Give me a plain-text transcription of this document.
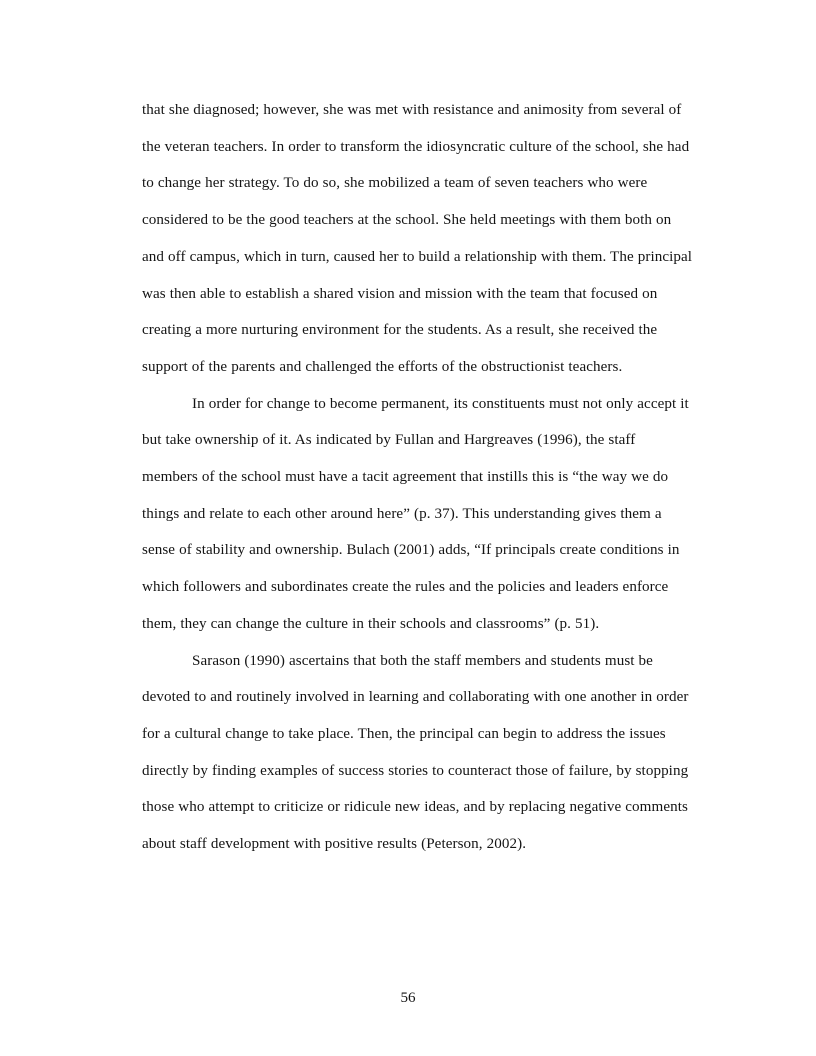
that she diagnosed; however, she was met with resistance and animosity from several of
the veteran teachers. In order to transform the idiosyncratic culture of the school, she had
to change her strategy. To do so, she mobilized a team of seven teachers who were
considered to be the good teachers at the school. She held meetings with them both on
and off campus, which in turn, caused her to build a relationship with them. The principal
was then able to establish a shared vision and mission with the team that focused on
creating a more nurturing environment for the students. As a result, she received the
support of the parents and challenged the efforts of the obstructionist teachers.

In order for change to become permanent, its constituents must not only accept it
but take ownership of it. As indicated by Fullan and Hargreaves (1996), the staff
members of the school must have a tacit agreement that instills this is “the way we do
things and relate to each other around here” (p. 37). This understanding gives them a
sense of stability and ownership. Bulach (2001) adds, “If principals create conditions in
which followers and subordinates create the rules and the policies and leaders enforce
them, they can change the culture in their schools and classrooms” (p. 51).

Sarason (1990) ascertains that both the staff members and students must be
devoted to and routinely involved in learning and collaborating with one another in order
for a cultural change to take place. Then, the principal can begin to address the issues
directly by finding examples of success stories to counteract those of failure, by stopping
those who attempt to criticize or ridicule new ideas, and by replacing negative comments
about staff development with positive results (Peterson, 2002).

56
